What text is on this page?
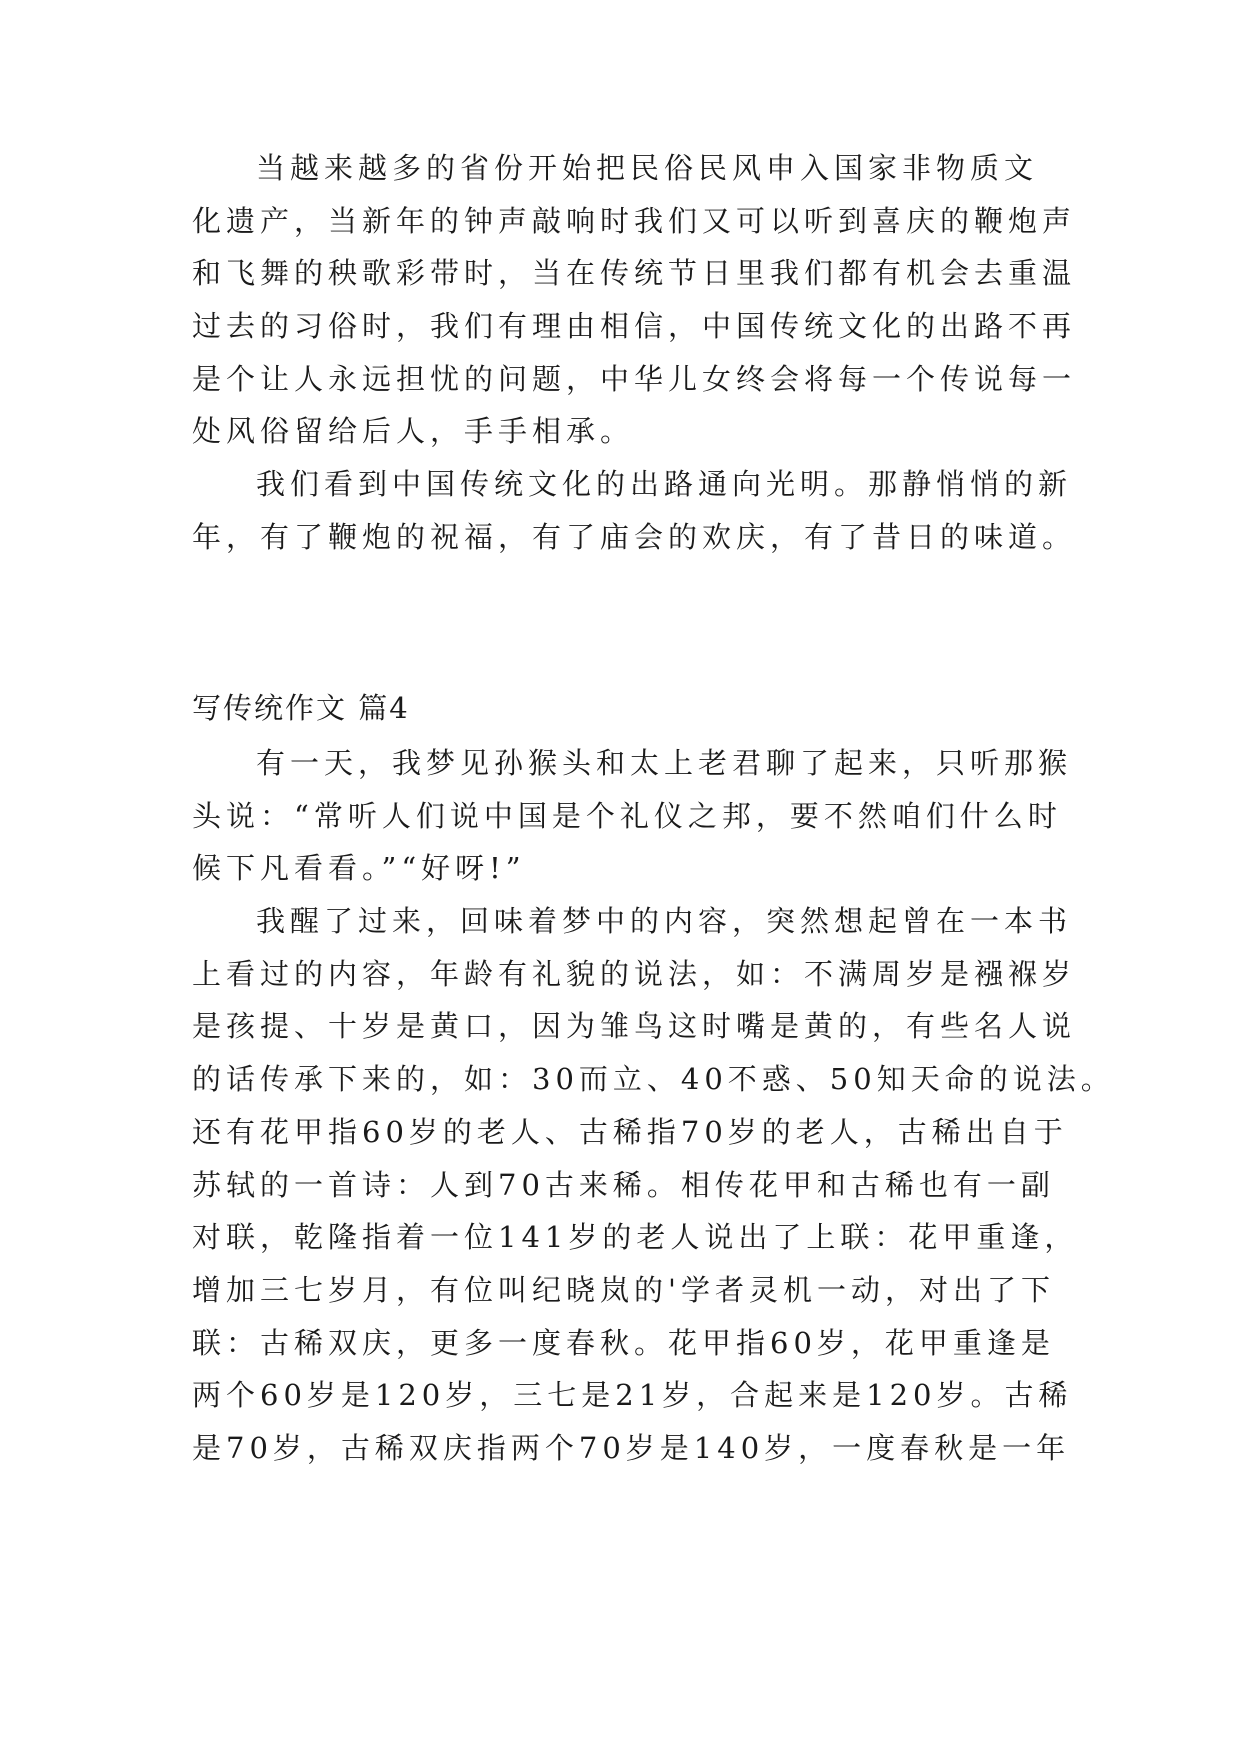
当越来越多的省份开始把民俗民风申入国家非物质文
化遗产，当新年的钟声敲响时我们又可以听到喜庆的鞭炮声
和飞舞的秧歌彩带时，当在传统节日里我们都有机会去重温
过去的习俗时，我们有理由相信，中国传统文化的出路不再
是个让人永远担忧的问题，中华儿女终会将每一个传说每一
处风俗留给后人，手手相承。
我们看到中国传统文化的出路通向光明。那静悄悄的新
年，有了鞭炮的祝福，有了庙会的欢庆，有了昔日的味道。
写传统作文 篇4
有一天，我梦见孙猴头和太上老君聊了起来，只听那猴
头说：“常听人们说中国是个礼仪之邦，要不然咱们什么时
候下凡看看。”“好呀!”
我醒了过来，回味着梦中的内容，突然想起曾在一本书
上看过的内容，年龄有礼貌的说法，如：不满周岁是襁褓岁
是孩提、十岁是黄口，因为雏鸟这时嘴是黄的，有些名人说
的话传承下来的，如：30而立、40不惑、50知天命的说法。
还有花甲指60岁的老人、古稀指70岁的老人，古稀出自于
苏轼的一首诗：人到70古来稀。相传花甲和古稀也有一副
对联，乾隆指着一位141岁的老人说出了上联：花甲重逢，
增加三七岁月，有位叫纪晓岚的'学者灵机一动，对出了下
联：古稀双庆，更多一度春秋。花甲指60岁，花甲重逢是
两个60岁是120岁，三七是21岁，合起来是120岁。古稀
是70岁，古稀双庆指两个70岁是140岁，一度春秋是一年
